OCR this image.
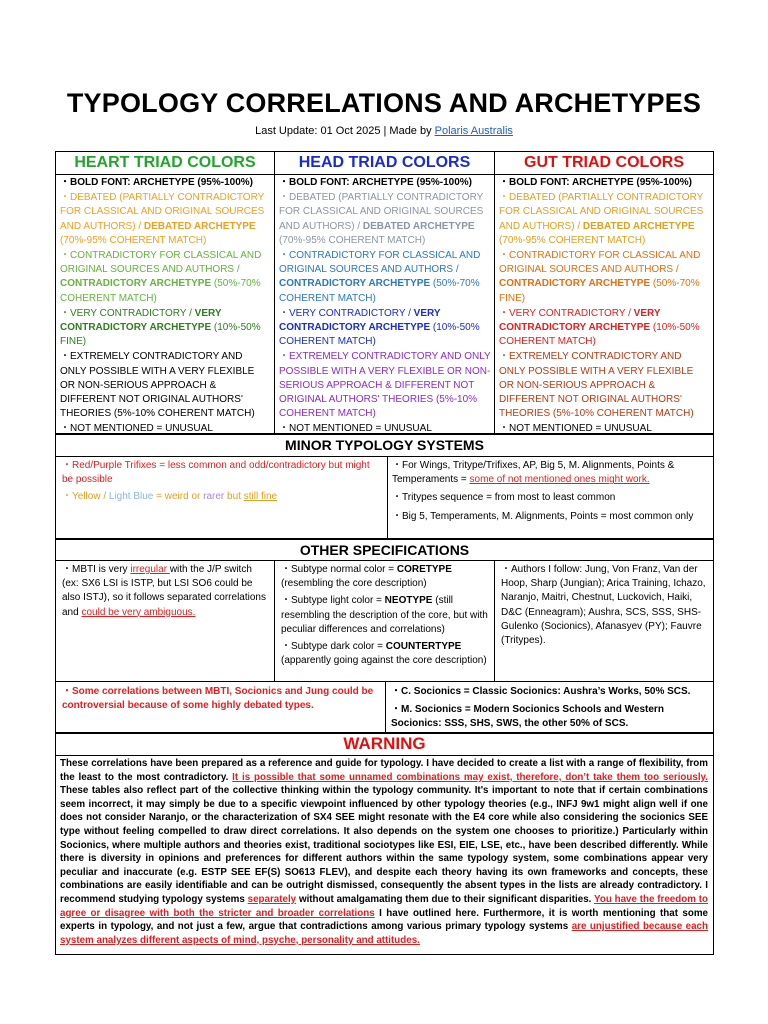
TYPOLOGY CORRELATIONS AND ARCHETYPES
Last Update: 01 Oct 2025 | Made by Polaris Australis
HEART TRIAD COLORS	HEAD TRIAD COLORS	GUT TRIAD COLORS
・BOLD FONT: ARCHETYPE (95%-100%)
・DEBATED (PARTIALLY CONTRADICTORY FOR CLASSICAL AND ORIGINAL SOURCES AND AUTHORS) / DEBATED ARCHETYPE (70%-95% COHERENT MATCH)
・CONTRADICTORY FOR CLASSICAL AND ORIGINAL SOURCES AND AUTHORS / CONTRADICTORY ARCHETYPE (50%-70% COHERENT MATCH)
・VERY CONTRADICTORY / VERY CONTRADICTORY ARCHETYPE (10%-50% FINE)
・EXTREMELY CONTRADICTORY AND ONLY POSSIBLE WITH A VERY FLEXIBLE OR NON-SERIOUS APPROACH & DIFFERENT NOT ORIGINAL AUTHORS' THEORIES (5%-10% COHERENT MATCH)
・NOT MENTIONED = UNUSUAL
・BOLD FONT: ARCHETYPE (95%-100%)
・DEBATED (PARTIALLY CONTRADICTORY FOR CLASSICAL AND ORIGINAL SOURCES AND AUTHORS) / DEBATED ARCHETYPE (70%-95% COHERENT MATCH)
・CONTRADICTORY FOR CLASSICAL AND ORIGINAL SOURCES AND AUTHORS / CONTRADICTORY ARCHETYPE (50%-70% COHERENT MATCH)
・VERY CONTRADICTORY / VERY CONTRADICTORY ARCHETYPE (10%-50% COHERENT MATCH)
・EXTREMELY CONTRADICTORY AND ONLY POSSIBLE WITH A VERY FLEXIBLE OR NON-SERIOUS APPROACH & DIFFERENT NOT ORIGINAL AUTHORS' THEORIES (5%-10% COHERENT MATCH)
・NOT MENTIONED = UNUSUAL
・BOLD FONT: ARCHETYPE (95%-100%)
・DEBATED (PARTIALLY CONTRADICTORY FOR CLASSICAL AND ORIGINAL SOURCES AND AUTHORS) / DEBATED ARCHETYPE (70%-95% COHERENT MATCH)
・CONTRADICTORY FOR CLASSICAL AND ORIGINAL SOURCES AND AUTHORS / CONTRADICTORY ARCHETYPE (50%-70% FINE)
・VERY CONTRADICTORY / VERY CONTRADICTORY ARCHETYPE (10%-50% COHERENT MATCH)
・EXTREMELY CONTRADICTORY AND ONLY POSSIBLE WITH A VERY FLEXIBLE OR NON-SERIOUS APPROACH & DIFFERENT NOT ORIGINAL AUTHORS' THEORIES (5%-10% COHERENT MATCH)
・NOT MENTIONED = UNUSUAL
MINOR TYPOLOGY SYSTEMS
・Red/Purple Trifixes = less common and odd/contradictory but might be possible
・Yellow / Light Blue = weird or rarer but still fine
・For Wings, Tritype/Trifixes, AP, Big 5, M. Alignments, Points & Temperaments = some of not mentioned ones might work.
・Tritypes sequence = from most to least common
・Big 5, Temperaments, M. Alignments, Points = most common only
OTHER SPECIFICATIONS
・MBTI is very irregular with the J/P switch (ex: SX6 LSI is ISTP, but LSI SO6 could be also ISTJ), so it follows separated correlations and could be very ambiguous.
・Subtype normal color = CORETYPE (resembling the core description)
・Subtype light color = NEOTYPE (still resembling the description of the core, but with peculiar differences and correlations)
・Subtype dark color = COUNTERTYPE (apparently going against the core description)
・Authors I follow: Jung, Von Franz, Van der Hoop, Sharp (Jungian); Arica Training, Ichazo, Naranjo, Maitri, Chestnut, Luckovich, Haiki, D&C (Enneagram); Aushra, SCS, SSS, SHS-Gulenko (Socionics), Afanasyev (PY); Fauvre (Tritypes).
・Some correlations between MBTI, Socionics and Jung could be controversial because of some highly debated types.
・C. Socionics = Classic Socionics: Aushra’s Works, 50% SCS.
・M. Socionics = Modern Socionics Schools and Western Socionics: SSS, SHS, SWS, the other 50% of SCS.
WARNING
These correlations have been prepared as a reference and guide for typology. I have decided to create a list with a range of flexibility, from the least to the most contradictory. It is possible that some unnamed combinations may exist, therefore, don’t take them too seriously. These tables also reflect part of the collective thinking within the typology community. It's important to note that if certain combinations seem incorrect, it may simply be due to a specific viewpoint influenced by other typology theories (e.g., INFJ 9w1 might align well if one does not consider Naranjo, or the characterization of SX4 SEE might resonate with the E4 core while also considering the socionics SEE type without feeling compelled to draw direct correlations. It also depends on the system one chooses to prioritize.) Particularly within Socionics, where multiple authors and theories exist, traditional sociotypes like ESI, EIE, LSE, etc., have been described differently. While there is diversity in opinions and preferences for different authors within the same typology system, some combinations appear very peculiar and inaccurate (e.g. ESTP SEE EF(S) SO613 FLEV), and despite each theory having its own frameworks and concepts, these combinations are easily identifiable and can be outright dismissed, consequently the absent types in the lists are already contradictory. I recommend studying typology systems separately without amalgamating them due to their significant disparities. You have the freedom to agree or disagree with both the stricter and broader correlations I have outlined here. Furthermore, it is worth mentioning that some experts in typology, and not just a few, argue that contradictions among various primary typology systems are unjustified because each system analyzes different aspects of mind, psyche, personality and attitudes.
